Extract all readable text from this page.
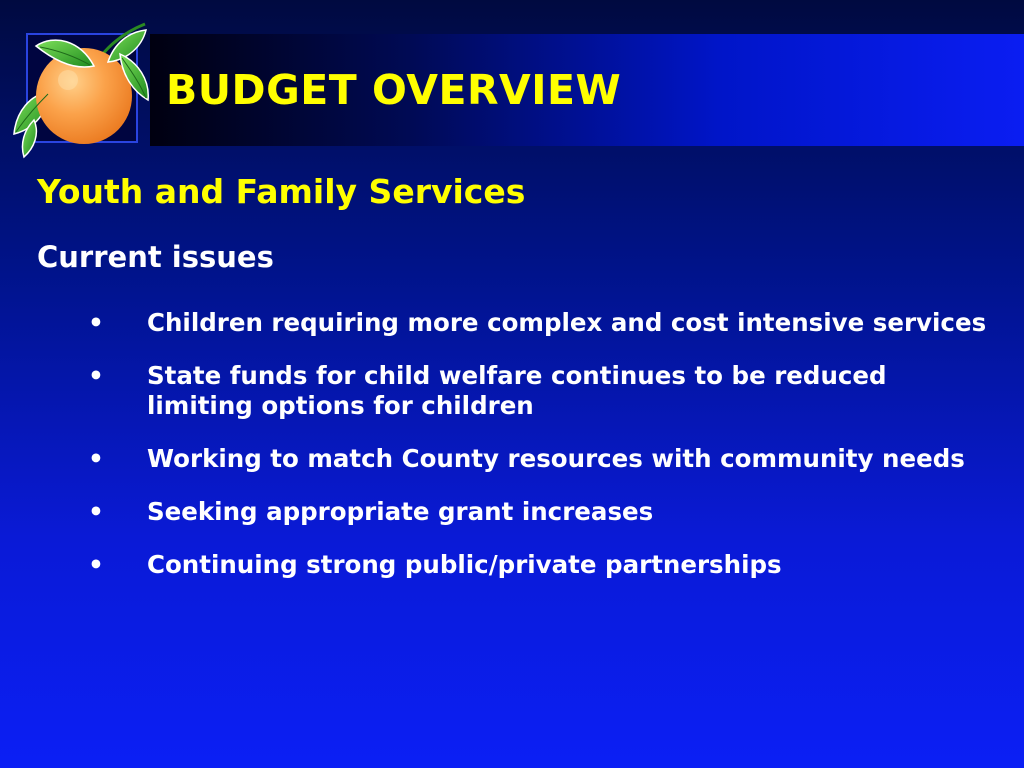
BUDGET OVERVIEW
Youth and Family Services
Current issues
• Children requiring more complex and cost intensive services
• State funds for child welfare continues to be reduced limiting options for children
• Working to match County resources with community needs
• Seeking appropriate grant increases
• Continuing strong public/private partnerships
